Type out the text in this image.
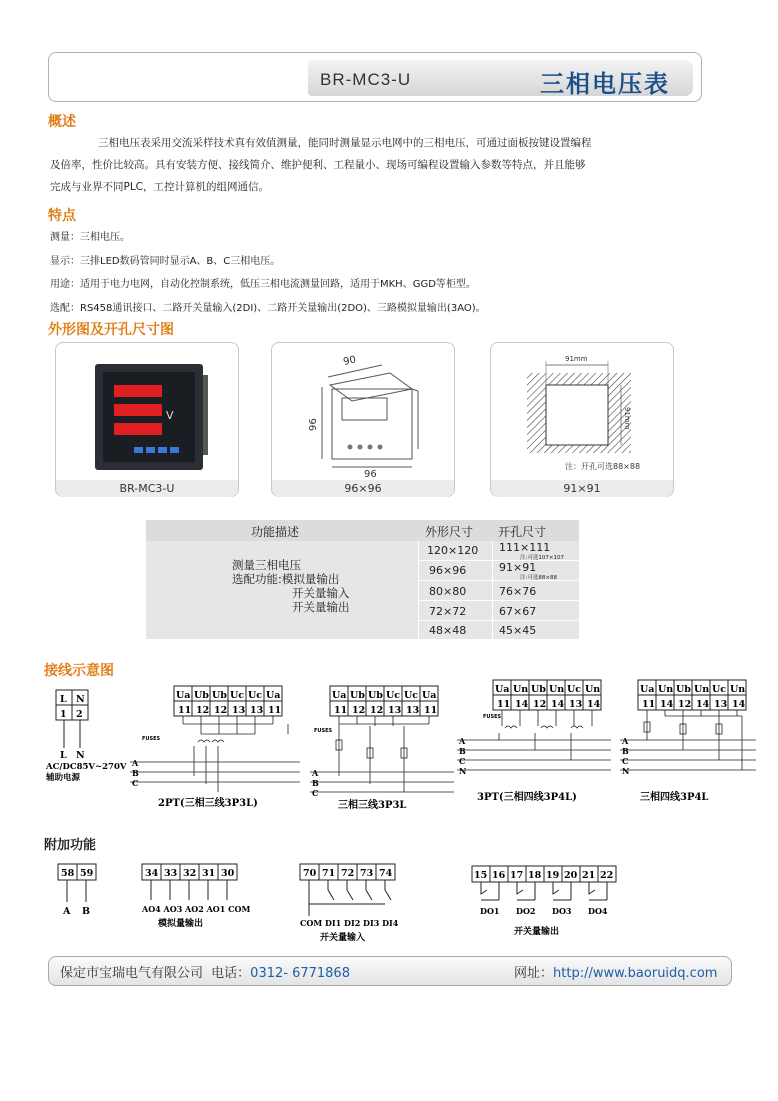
BR-MC3-U	三相电压表
概述
三相电压表采用交流采样技术真有效值测量，能同时测量显示电网中的三相电压，可通过面板按键设置编程
及倍率，性价比较高。具有安装方便、接线简介、维护便利、工程量小、现场可编程设置输入参数等特点，并且能够
完成与业界不同PLC，工控计算机的组网通信。
特点
测量：三相电压。
显示：三排LED数码管同时显示A、B、C三相电压。
用途：适用于电力电网，自动化控制系统，低压三相电流测量回路，适用于MKH、GGD等柜型。
选配：RS458通讯接口、二路开关量输入(2DI)、二路开关量输出(2DO)、三路模拟量输出(3AO)。
外形图及开孔尺寸图
V
BR-MC3-U
96
90
96
96×96
91mm
91mm
注：开孔可选88×88
91×91
功能描述	外形尺寸 开孔尺寸
测量三相电压
选配功能:模拟量输出
开关量输入
开关量输出
120×120 111×111
注:可选107×107
96×96	91×91
注:可选88×88
80×80	76×76
72×72	67×67
48×48	45×45
接线示意图
L N
1 2
L N
AC/DC85V~270V
辅助电源
Ua Ub Ub Uc Uc Ua
11 12 12 13 13 11
FUSES
A
B
C
2PT(三相三线3P3L)
Ua Ub Ub Uc Uc Ua
11 12 12 13 13 11
FUSES
A
B
C
三相三线3P3L
Ua Un Ub Un Uc Un
11 14 12 14 13 14
FUSES
A
B
C
N
3PT(三相四线3P4L)
Ua Un Ub Un Uc Un
11 14 12 14 13 14
A
B
C
N
三相四线3P4L
附加功能
58 59
A B
34 33 32 31 30
AO4 AO3 AO2 AO1 COM
模拟量输出
70 71 72 73 74
COM DI1 DI2 DI3 DI4
开关量输入
15 16 17 18 19 20 21 22
DO1 DO2 DO3 DO4
开关量输出
保定市宝瑞电气有限公司 电话：0312- 6771868	网址：http://www.baoruidq.com
